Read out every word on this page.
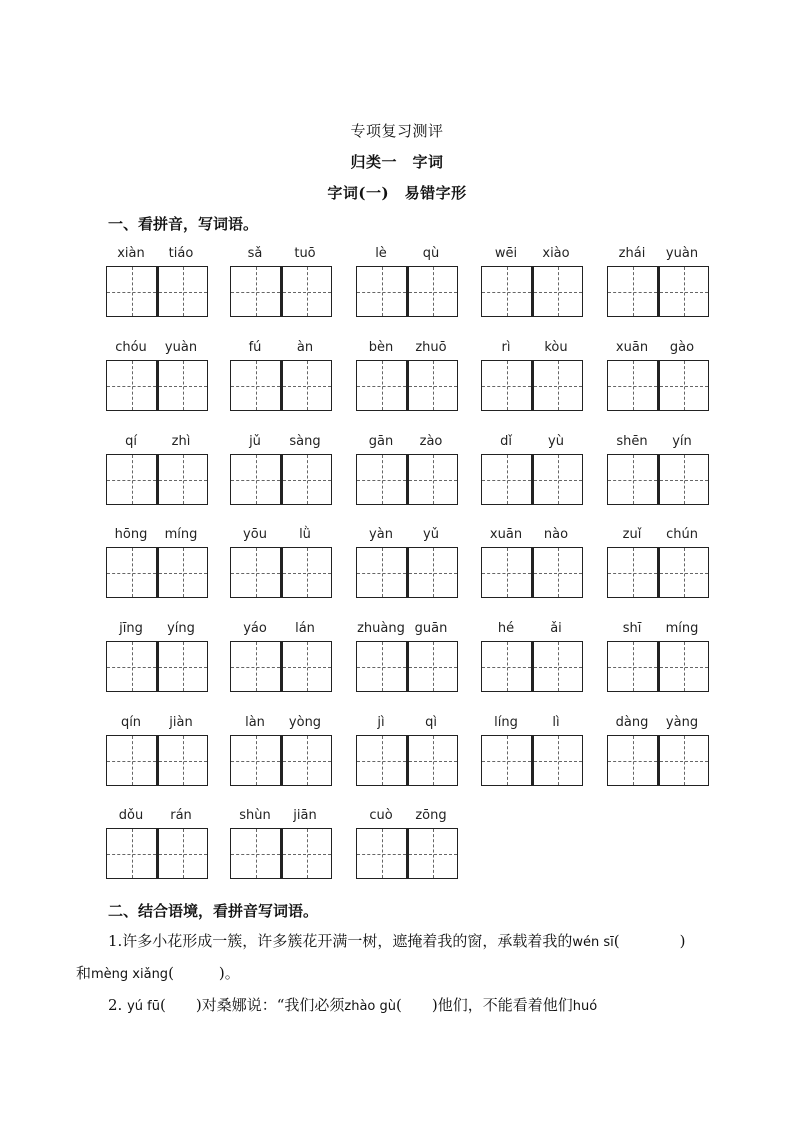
专项复习测评
归类一　字词
字词(一)　易错字形
一、看拼音，写词语。
xiàn	tiáo	sǎ	tuō	lè	qù	wēi	xiào	zhái	yuàn
chóu	yuàn	fú	àn	bèn	zhuō	rì	kòu	xuān	gào
qí	zhì	jǔ	sàng	gān	zào	dǐ	yù	shēn	yín
hōng	míng	yōu	lǜ	yàn	yǔ	xuān	nào	zuǐ	chún
jīng	yíng	yáo	lán	zhuàng guān	hé	ǎi	shī	míng
qín	jiàn	làn	yòng	jì	qì	líng	lì	dàng	yàng
dǒu	rán	shùn	jiān	cuò	zōng
二、结合语境，看拼音写词语。
1.许多小花形成一簇，许多簇花开满一树，遮掩着我的窗，承载着我的wén sī(　　　　)
和mèng xiǎng(　　　)。
2. yú fū(　　)对桑娜说：“我们必须zhào gù(　　)他们，不能看着他们huó
